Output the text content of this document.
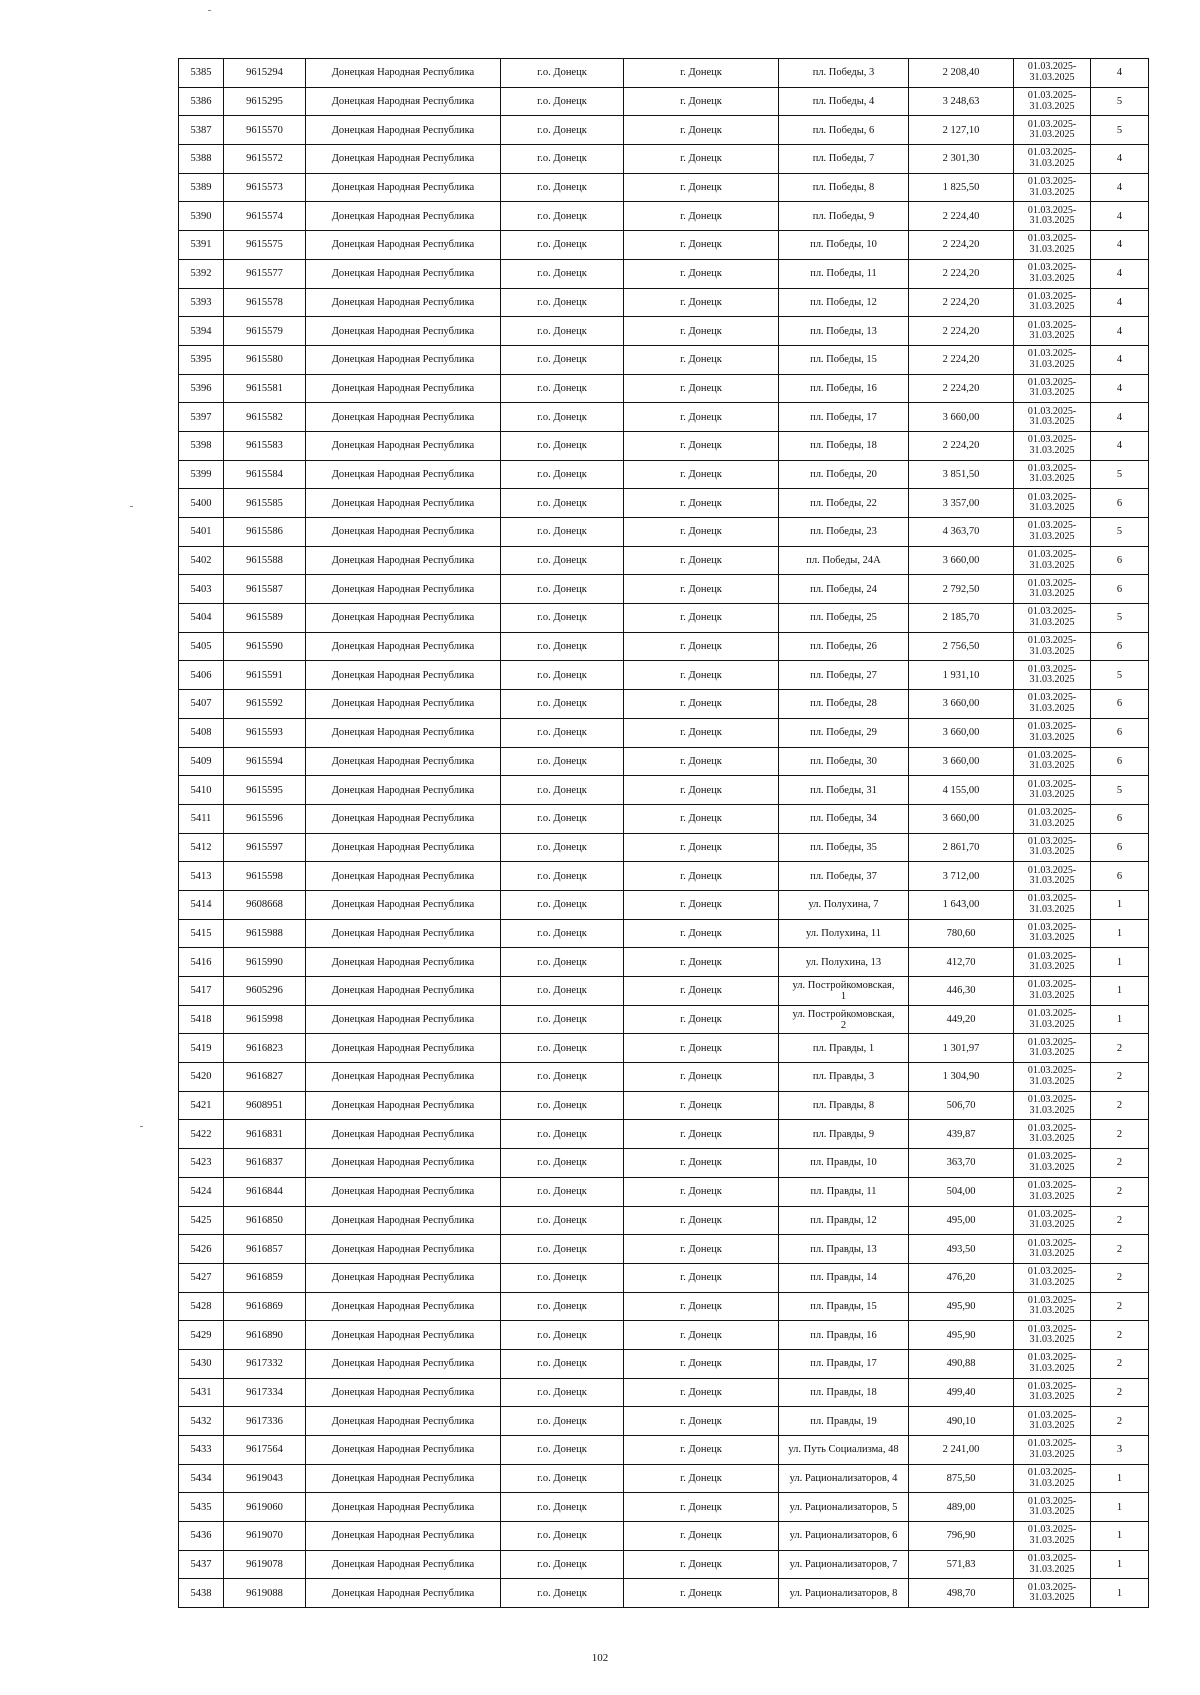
5385	9615294	Донецкая Народная Республика	г.о. Донецк	г. Донецк	пл. Победы, 3	2 208,40	01.03.2025-
31.03.2025	4
5386	9615295	Донецкая Народная Республика	г.о. Донецк	г. Донецк	пл. Победы, 4	3 248,63	01.03.2025-
31.03.2025	5
5387	9615570	Донецкая Народная Республика	г.о. Донецк	г. Донецк	пл. Победы, 6	2 127,10	01.03.2025-
31.03.2025	5
5388	9615572	Донецкая Народная Республика	г.о. Донецк	г. Донецк	пл. Победы, 7	2 301,30	01.03.2025-
31.03.2025	4
5389	9615573	Донецкая Народная Республика	г.о. Донецк	г. Донецк	пл. Победы, 8	1 825,50	01.03.2025-
31.03.2025	4
5390	9615574	Донецкая Народная Республика	г.о. Донецк	г. Донецк	пл. Победы, 9	2 224,40	01.03.2025-
31.03.2025	4
5391	9615575	Донецкая Народная Республика	г.о. Донецк	г. Донецк	пл. Победы, 10	2 224,20	01.03.2025-
31.03.2025	4
5392	9615577	Донецкая Народная Республика	г.о. Донецк	г. Донецк	пл. Победы, 11	2 224,20	01.03.2025-
31.03.2025	4
5393	9615578	Донецкая Народная Республика	г.о. Донецк	г. Донецк	пл. Победы, 12	2 224,20	01.03.2025-
31.03.2025	4
5394	9615579	Донецкая Народная Республика	г.о. Донецк	г. Донецк	пл. Победы, 13	2 224,20	01.03.2025-
31.03.2025	4
5395	9615580	Донецкая Народная Республика	г.о. Донецк	г. Донецк	пл. Победы, 15	2 224,20	01.03.2025-
31.03.2025	4
5396	9615581	Донецкая Народная Республика	г.о. Донецк	г. Донецк	пл. Победы, 16	2 224,20	01.03.2025-
31.03.2025	4
5397	9615582	Донецкая Народная Республика	г.о. Донецк	г. Донецк	пл. Победы, 17	3 660,00	01.03.2025-
31.03.2025	4
5398	9615583	Донецкая Народная Республика	г.о. Донецк	г. Донецк	пл. Победы, 18	2 224,20	01.03.2025-
31.03.2025	4
5399	9615584	Донецкая Народная Республика	г.о. Донецк	г. Донецк	пл. Победы, 20	3 851,50	01.03.2025-
31.03.2025	5
5400	9615585	Донецкая Народная Республика	г.о. Донецк	г. Донецк	пл. Победы, 22	3 357,00	01.03.2025-
31.03.2025	6
5401	9615586	Донецкая Народная Республика	г.о. Донецк	г. Донецк	пл. Победы, 23	4 363,70	01.03.2025-
31.03.2025	5
5402	9615588	Донецкая Народная Республика	г.о. Донецк	г. Донецк	пл. Победы, 24А	3 660,00	01.03.2025-
31.03.2025	6
5403	9615587	Донецкая Народная Республика	г.о. Донецк	г. Донецк	пл. Победы, 24	2 792,50	01.03.2025-
31.03.2025	6
5404	9615589	Донецкая Народная Республика	г.о. Донецк	г. Донецк	пл. Победы, 25	2 185,70	01.03.2025-
31.03.2025	5
5405	9615590	Донецкая Народная Республика	г.о. Донецк	г. Донецк	пл. Победы, 26	2 756,50	01.03.2025-
31.03.2025	6
5406	9615591	Донецкая Народная Республика	г.о. Донецк	г. Донецк	пл. Победы, 27	1 931,10	01.03.2025-
31.03.2025	5
5407	9615592	Донецкая Народная Республика	г.о. Донецк	г. Донецк	пл. Победы, 28	3 660,00	01.03.2025-
31.03.2025	6
5408	9615593	Донецкая Народная Республика	г.о. Донецк	г. Донецк	пл. Победы, 29	3 660,00	01.03.2025-
31.03.2025	6
5409	9615594	Донецкая Народная Республика	г.о. Донецк	г. Донецк	пл. Победы, 30	3 660,00	01.03.2025-
31.03.2025	6
5410	9615595	Донецкая Народная Республика	г.о. Донецк	г. Донецк	пл. Победы, 31	4 155,00	01.03.2025-
31.03.2025	5
5411	9615596	Донецкая Народная Республика	г.о. Донецк	г. Донецк	пл. Победы, 34	3 660,00	01.03.2025-
31.03.2025	6
5412	9615597	Донецкая Народная Республика	г.о. Донецк	г. Донецк	пл. Победы, 35	2 861,70	01.03.2025-
31.03.2025	6
5413	9615598	Донецкая Народная Республика	г.о. Донецк	г. Донецк	пл. Победы, 37	3 712,00	01.03.2025-
31.03.2025	6
5414	9608668	Донецкая Народная Республика	г.о. Донецк	г. Донецк	ул. Полухина, 7	1 643,00	01.03.2025-
31.03.2025	1
5415	9615988	Донецкая Народная Республика	г.о. Донецк	г. Донецк	ул. Полухина, 11	780,60	01.03.2025-
31.03.2025	1
5416	9615990	Донецкая Народная Республика	г.о. Донецк	г. Донецк	ул. Полухина, 13	412,70	01.03.2025-
31.03.2025	1
5417	9605296	Донецкая Народная Республика	г.о. Донецк	г. Донецк	ул. Постройкомовская,
1	446,30	01.03.2025-
31.03.2025	1
5418	9615998	Донецкая Народная Республика	г.о. Донецк	г. Донецк	ул. Постройкомовская,
2	449,20	01.03.2025-
31.03.2025	1
5419	9616823	Донецкая Народная Республика	г.о. Донецк	г. Донецк	пл. Правды, 1	1 301,97	01.03.2025-
31.03.2025	2
5420	9616827	Донецкая Народная Республика	г.о. Донецк	г. Донецк	пл. Правды, 3	1 304,90	01.03.2025-
31.03.2025	2
5421	9608951	Донецкая Народная Республика	г.о. Донецк	г. Донецк	пл. Правды, 8	506,70	01.03.2025-
31.03.2025	2
5422	9616831	Донецкая Народная Республика	г.о. Донецк	г. Донецк	пл. Правды, 9	439,87	01.03.2025-
31.03.2025	2
5423	9616837	Донецкая Народная Республика	г.о. Донецк	г. Донецк	пл. Правды, 10	363,70	01.03.2025-
31.03.2025	2
5424	9616844	Донецкая Народная Республика	г.о. Донецк	г. Донецк	пл. Правды, 11	504,00	01.03.2025-
31.03.2025	2
5425	9616850	Донецкая Народная Республика	г.о. Донецк	г. Донецк	пл. Правды, 12	495,00	01.03.2025-
31.03.2025	2
5426	9616857	Донецкая Народная Республика	г.о. Донецк	г. Донецк	пл. Правды, 13	493,50	01.03.2025-
31.03.2025	2
5427	9616859	Донецкая Народная Республика	г.о. Донецк	г. Донецк	пл. Правды, 14	476,20	01.03.2025-
31.03.2025	2
5428	9616869	Донецкая Народная Республика	г.о. Донецк	г. Донецк	пл. Правды, 15	495,90	01.03.2025-
31.03.2025	2
5429	9616890	Донецкая Народная Республика	г.о. Донецк	г. Донецк	пл. Правды, 16	495,90	01.03.2025-
31.03.2025	2
5430	9617332	Донецкая Народная Республика	г.о. Донецк	г. Донецк	пл. Правды, 17	490,88	01.03.2025-
31.03.2025	2
5431	9617334	Донецкая Народная Республика	г.о. Донецк	г. Донецк	пл. Правды, 18	499,40	01.03.2025-
31.03.2025	2
5432	9617336	Донецкая Народная Республика	г.о. Донецк	г. Донецк	пл. Правды, 19	490,10	01.03.2025-
31.03.2025	2
5433	9617564	Донецкая Народная Республика	г.о. Донецк	г. Донецк	ул. Путь Социализма, 48	2 241,00	01.03.2025-
31.03.2025	3
5434	9619043	Донецкая Народная Республика	г.о. Донецк	г. Донецк	ул. Рационализаторов, 4	875,50	01.03.2025-
31.03.2025	1
5435	9619060	Донецкая Народная Республика	г.о. Донецк	г. Донецк	ул. Рационализаторов, 5	489,00	01.03.2025-
31.03.2025	1
5436	9619070	Донецкая Народная Республика	г.о. Донецк	г. Донецк	ул. Рационализаторов, 6	796,90	01.03.2025-
31.03.2025	1
5437	9619078	Донецкая Народная Республика	г.о. Донецк	г. Донецк	ул. Рационализаторов, 7	571,83	01.03.2025-
31.03.2025	1
5438	9619088	Донецкая Народная Республика	г.о. Донецк	г. Донецк	ул. Рационализаторов, 8	498,70	01.03.2025-
31.03.2025	1
102
